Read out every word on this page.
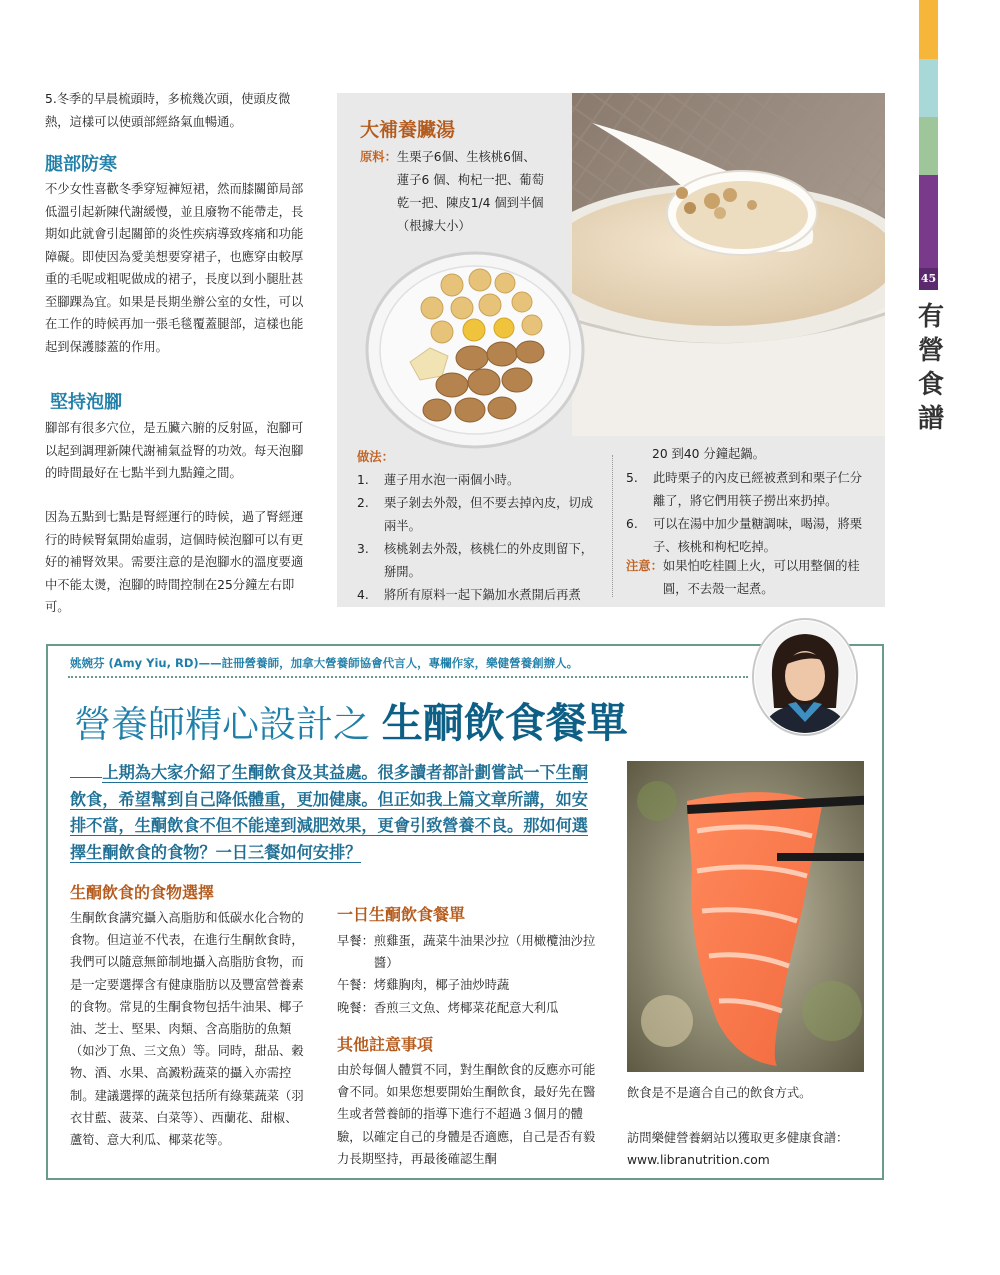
45
有
營
食
譜

5.冬季的早晨梳頭時，多梳幾次頭，使頭皮微熱，這樣可以使頭部經絡氣血暢通。

腿部防寒

不少女性喜歡冬季穿短褲短裙，然而膝關節局部低溫引起新陳代謝緩慢，並且廢物不能帶走，長期如此就會引起關節的炎性疾病導致疼痛和功能障礙。即使因為愛美想要穿裙子，也應穿由較厚重的毛呢或粗呢做成的裙子，長度以到小腿肚甚至腳踝為宜。如果是長期坐辦公室的女性，可以在工作的時候再加一張毛毯覆蓋腿部，這樣也能起到保護膝蓋的作用。

堅持泡腳

腳部有很多穴位，是五臟六腑的反射區，泡腳可以起到調理新陳代謝補氣益腎的功效。每天泡腳的時間最好在七點半到九點鐘之間。

因為五點到七點是腎經運行的時候，過了腎經運行的時候腎氣開始虛弱，這個時候泡腳可以有更好的補腎效果。需要注意的是泡腳水的溫度要適中不能太燙，泡腳的時間控制在25分鐘左右即可。

大補養臟湯
原料： 生栗子6個、生核桃6個、
蓮子6 個、枸杞一把、葡萄
乾一把、陳皮1/4 個到半個
（根據大小）
做法：
1. 蓮子用水泡一兩個小時。
2. 栗子剝去外殼，但不要去掉內皮，切成兩半。
3. 核桃剝去外殼，核桃仁的外皮則留下，掰開。
4. 將所有原料一起下鍋加水煮開后再煮
20 到40 分鐘起鍋。
5. 此時栗子的內皮已經被煮到和栗子仁分離了，將它們用筷子撈出來扔掉。
6. 可以在湯中加少量糖調味，喝湯，將栗子、核桃和枸杞吃掉。
注意： 如果怕吃桂圓上火，可以用整個的桂圓，不去殼一起煮。
姚婉芬 (Amy Yiu, RD)——註冊營養師，加拿大營養師協會代言人，專欄作家，樂健營養創辦人。
營養師精心設計之 生酮飲食餐單
上期為大家介紹了生酮飲食及其益處。很多讀者都計劃嘗試一下生酮飲食，希望幫到自己降低體重，更加健康。但正如我上篇文章所講，如安排不當，生酮飲食不但不能達到減肥效果，更會引致營養不良。那如何選擇生酮飲食的食物？一日三餐如何安排？
生酮飲食的食物選擇

生酮飲食講究攝入高脂肪和低碳水化合物的食物。但這並不代表，在進行生酮飲食時，我們可以隨意無節制地攝入高脂肪食物，而是一定要選擇含有健康脂肪以及豐富營養素的食物。常見的生酮食物包括牛油果、椰子油、芝士、堅果、肉類、含高脂肪的魚類（如沙丁魚、三文魚）等。同時，甜品、穀物、酒、水果、高澱粉蔬菜的攝入亦需控制。建議選擇的蔬菜包括所有綠葉蔬菜（羽衣甘藍、菠菜、白菜等）、西蘭花、甜椒、蘆筍、意大利瓜、椰菜花等。

一日生酮飲食餐單
早餐： 煎雞蛋，蔬菜牛油果沙拉（用橄欖油沙拉醬）
午餐： 烤雞胸肉，椰子油炒時蔬
晚餐： 香煎三文魚、烤椰菜花配意大利瓜
其他註意事項

由於每個人體質不同，對生酮飲食的反應亦可能會不同。如果您想要開始生酮飲食，最好先在醫生或者營養師的指導下進行不超過３個月的體驗，以確定自己的身體是否適應，自己是否有毅力長期堅持，再最後確認生酮

飲食是不是適合自己的飲食方式。
訪問樂健營養網站以獲取更多健康食譜：
www.libranutrition.com
